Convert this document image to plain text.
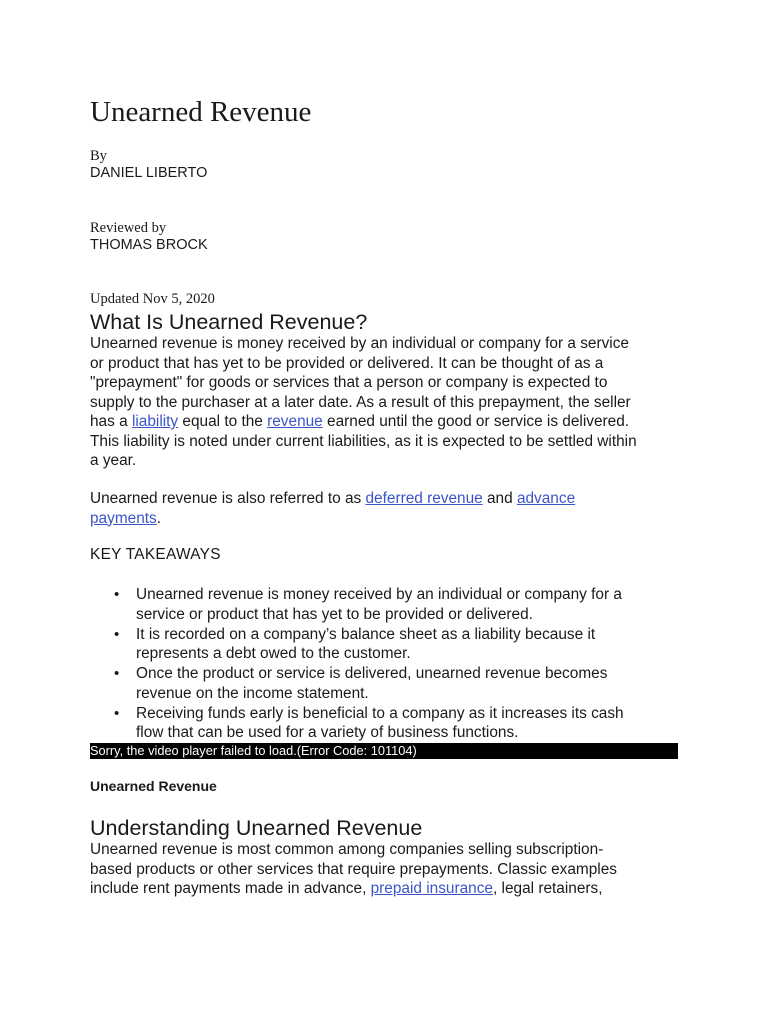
Unearned Revenue
By
DANIEL LIBERTO
Reviewed by
THOMAS BROCK
Updated Nov 5, 2020
What Is Unearned Revenue?
Unearned revenue is money received by an individual or company for a service
or product that has yet to be provided or delivered. It can be thought of as a
"prepayment" for goods or services that a person or company is expected to
supply to the purchaser at a later date. As a result of this prepayment, the seller
has a liability equal to the revenue earned until the good or service is delivered.
This liability is noted under current liabilities, as it is expected to be settled within
a year.
Unearned revenue is also referred to as deferred revenue and advance
payments.
KEY TAKEAWAYS
• Unearned revenue is money received by an individual or company for a
service or product that has yet to be provided or delivered.
• It is recorded on a company’s balance sheet as a liability because it
represents a debt owed to the customer.
• Once the product or service is delivered, unearned revenue becomes
revenue on the income statement.
• Receiving funds early is beneficial to a company as it increases its cash
flow that can be used for a variety of business functions.
Sorry, the video player failed to load.(Error Code: 101104)
Unearned Revenue
Understanding Unearned Revenue
Unearned revenue is most common among companies selling subscription-
based products or other services that require prepayments. Classic examples
include rent payments made in advance, prepaid insurance, legal retainers,
